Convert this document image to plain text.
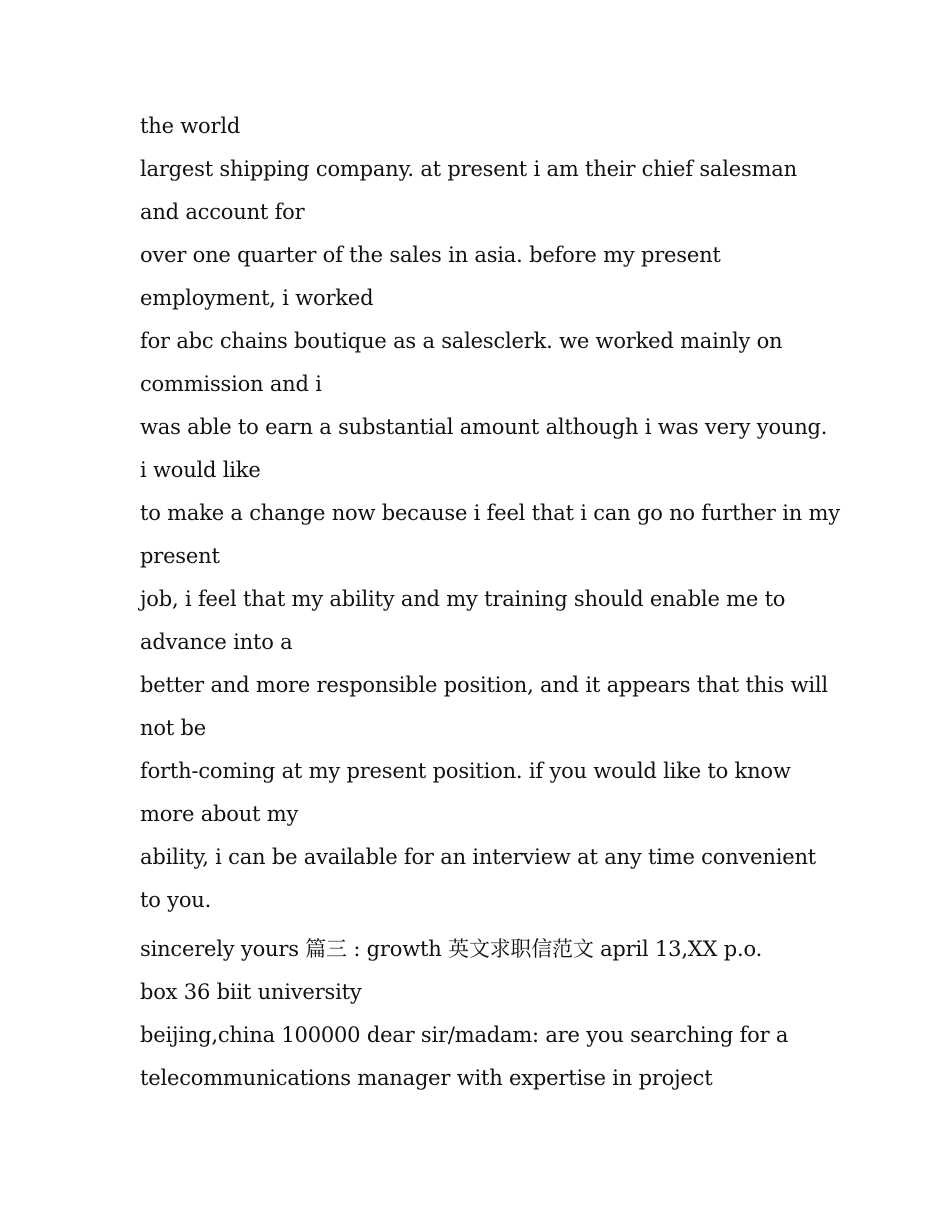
the world
largest shipping company. at present i am their chief salesman
and account for
over one quarter of the sales in asia. before my present
employment, i worked
for abc chains boutique as a salesclerk. we worked mainly on
commission and i
was able to earn a substantial amount although i was very young.
i would like
to make a change now because i feel that i can go no further in my
present
job, i feel that my ability and my training should enable me to
advance into a
better and more responsible position, and it appears that this will
not be
forth-coming at my present position. if you would like to know
more about my
ability, i can be available for an interview at any time convenient
to you.
sincerely yours 篇三 : growth 英文求职信范文 april 13,XX p.o.
box 36 biit university
beijing,china 100000 dear sir/madam: are you searching for a
telecommunications manager with expertise in project
